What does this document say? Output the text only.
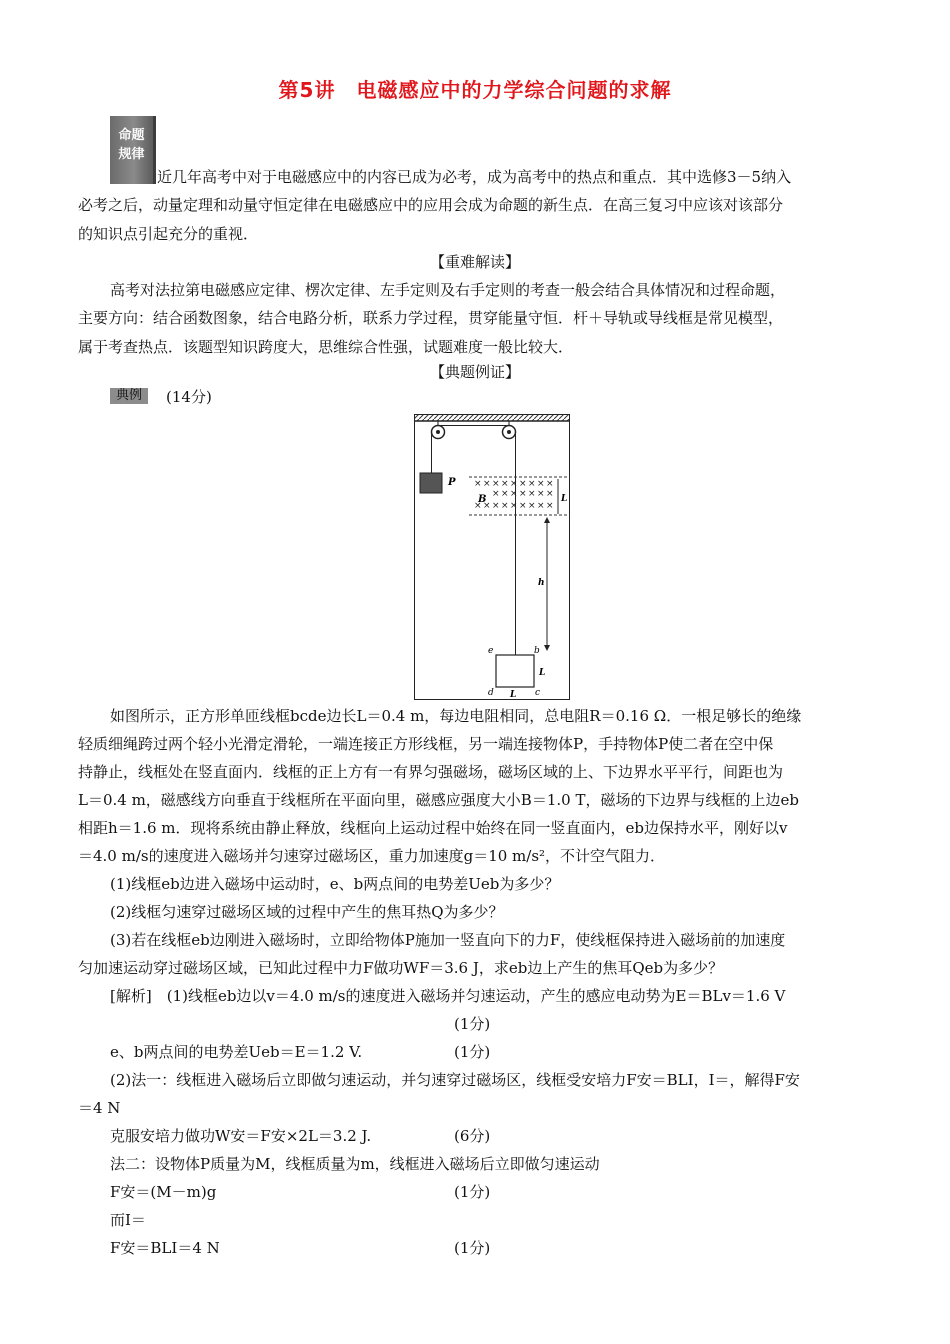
第5讲　电磁感应中的力学综合问题的求解
命题
规律
近几年高考中对于电磁感应中的内容已成为必考，成为高考中的热点和重点．其中选修3－5纳入
必考之后，动量定理和动量守恒定律在电磁感应中的应用会成为命题的新生点．在高三复习中应该对该部分
的知识点引起充分的重视．
【重难解读】
高考对法拉第电磁感应定律、楞次定律、左手定则及右手定则的考查一般会结合具体情况和过程命题，
主要方向：结合函数图象，结合电路分析，联系力学过程，贯穿能量守恒．杆＋导轨或导线框是常见模型，
属于考查热点．该题型知识跨度大，思维综合性强，试题难度一般比较大．
【典题例证】
典例	(14分)
P × × × × × × × × ×
× × × × × × ×
× × × × × × × × ×
B	L
h
e	b
d	c
L
L
如图所示，正方形单匝线框bcde边长L＝0.4 m，每边电阻相同，总电阻R＝0.16 Ω．一根足够长的绝缘
轻质细绳跨过两个轻小光滑定滑轮，一端连接正方形线框，另一端连接物体P，手持物体P使二者在空中保
持静止，线框处在竖直面内．线框的正上方有一有界匀强磁场，磁场区域的上、下边界水平平行，间距也为
L＝0.4 m，磁感线方向垂直于线框所在平面向里，磁感应强度大小B＝1.0 T，磁场的下边界与线框的上边eb
相距h＝1.6 m．现将系统由静止释放，线框向上运动过程中始终在同一竖直面内，eb边保持水平，刚好以v
＝4.0 m/s的速度进入磁场并匀速穿过磁场区，重力加速度g＝10 m/s²，不计空气阻力．
(1)线框eb边进入磁场中运动时，e、b两点间的电势差Ueb为多少？
(2)线框匀速穿过磁场区域的过程中产生的焦耳热Q为多少？
(3)若在线框eb边刚进入磁场时，立即给物体P施加一竖直向下的力F，使线框保持进入磁场前的加速度
匀加速运动穿过磁场区域，已知此过程中力F做功WF＝3.6 J，求eb边上产生的焦耳Qeb为多少？
[解析]　(1)线框eb边以v＝4.0 m/s的速度进入磁场并匀速运动，产生的感应电动势为E＝BLv＝1.6 V
(1分)
e、b两点间的电势差Ueb＝E＝1.2 V.	(1分)
(2)法一：线框进入磁场后立即做匀速运动，并匀速穿过磁场区，线框受安培力F安＝BLI，I＝，解得F安
＝4 N
克服安培力做功W安＝F安×2L＝3.2 J.	(6分)
法二：设物体P质量为M，线框质量为m，线框进入磁场后立即做匀速运动
F安＝(M－m)g	(1分)
而I＝
F安＝BLI＝4 N	(1分)
